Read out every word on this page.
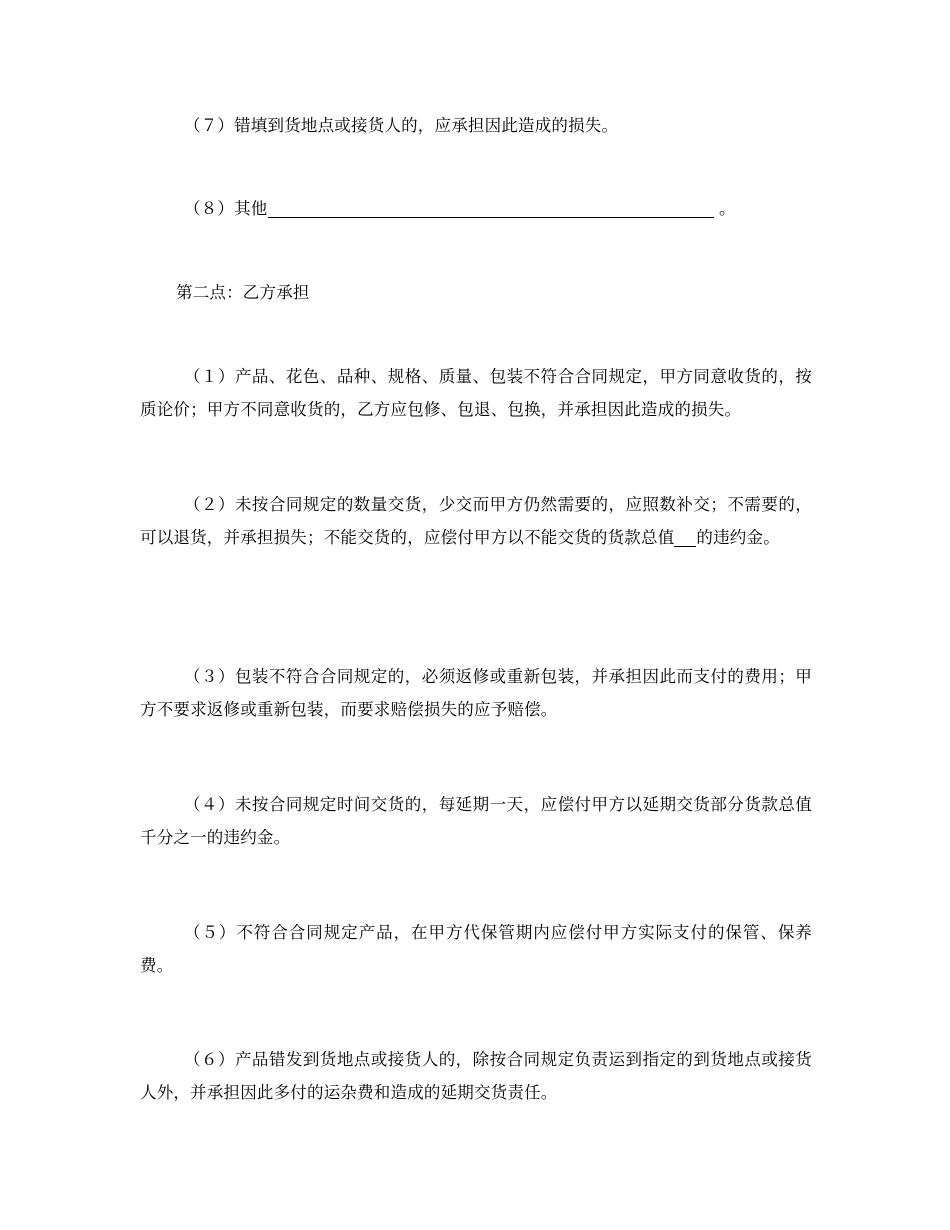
（７）错填到货地点或接货人的，应承担因此造成的损失。

（８）其他	。

第二点：乙方承担

（１）产品、花色、品种、规格、质量、包装不符合合同规定，甲方同意收货的，按质论价；甲方不同意收货的，乙方应包修、包退、包换，并承担因此造成的损失。

（２）未按合同规定的数量交货，少交而甲方仍然需要的，应照数补交；不需要的，可以退货，并承担损失；不能交货的，应偿付甲方以不能交货的货款总值 的违约金。

（３）包装不符合合同规定的，必须返修或重新包装，并承担因此而支付的费用；甲方不要求返修或重新包装，而要求赔偿损失的应予赔偿。

（４）未按合同规定时间交货的，每延期一天，应偿付甲方以延期交货部分货款总值千分之一的违约金。

（５）不符合合同规定产品，在甲方代保管期内应偿付甲方实际支付的保管、保养费。

（６）产品错发到货地点或接货人的，除按合同规定负责运到指定的到货地点或接货人外，并承担因此多付的运杂费和造成的延期交货责任。
